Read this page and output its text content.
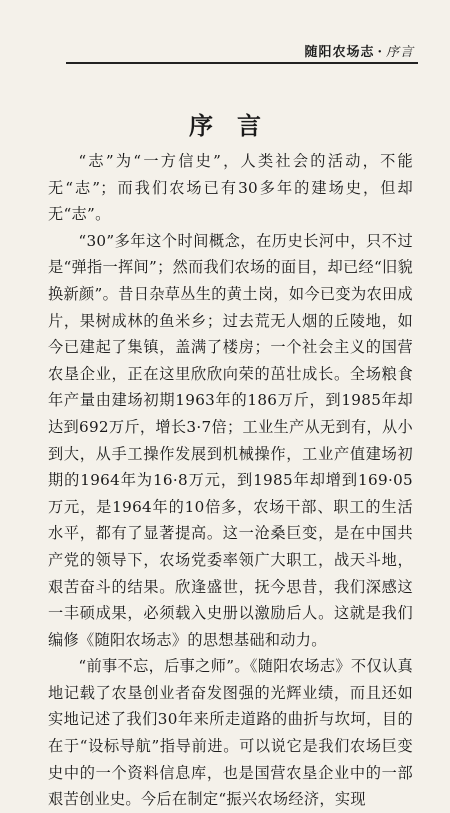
随阳农场志 · 序言
序言

“志”为“一方信史”，人类社会的活动，不能无“志”；而我们农场已有30多年的建场史，但却无“志”。

“30”多年这个时间概念，在历史长河中，只不过是“弹指一挥间”；然而我们农场的面目，却已经“旧貌换新颜”。昔日杂草丛生的黄土岗，如今已变为农田成片，果树成林的鱼米乡；过去荒无人烟的丘陵地，如今已建起了集镇，盖满了楼房；一个社会主义的国营农垦企业，正在这里欣欣向荣的茁壮成长。全场粮食年产量由建场初期1963年的186万斤，到1985年却达到692万斤，增长3·7倍；工业生产从无到有，从小到大，从手工操作发展到机械操作，工业产值建场初期的1964年为16·8万元，到1985年却增到169·05万元，是1964年的10倍多，农场干部、职工的生活水平，都有了显著提高。这一沧桑巨变，是在中国共产党的领导下，农场党委率领广大职工，战天斗地，艰苦奋斗的结果。欣逢盛世，抚今思昔，我们深感这一丰硕成果，必须载入史册以激励后人。这就是我们编修《随阳农场志》的思想基础和动力。

“前事不忘，后事之师”。《随阳农场志》不仅认真地记载了农垦创业者奋发图强的光辉业绩，而且还如实地记述了我们30年来所走道路的曲折与坎坷，目的在于“设标导航”指导前进。可以说它是我们农场巨变史中的一个资料信息库，也是国营农垦企业中的一部艰苦创业史。今后在制定“振兴农场经济，实现
